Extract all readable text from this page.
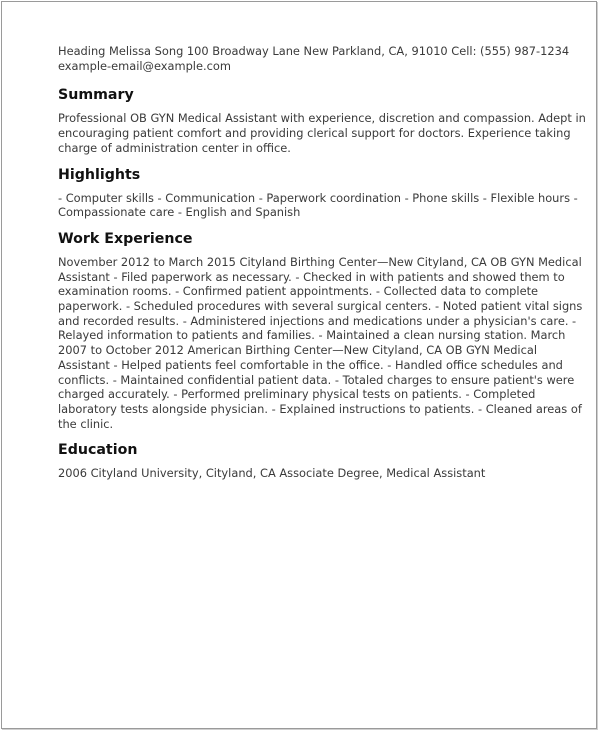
Heading Melissa Song 100 Broadway Lane New Parkland, CA, 91010 Cell: (555) 987-1234 example-email@example.com

Summary

Professional OB GYN Medical Assistant with experience, discretion and compassion. Adept in encouraging patient comfort and providing clerical support for doctors. Experience taking charge of administration center in office.

Highlights

- Computer skills - Communication - Paperwork coordination - Phone skills - Flexible hours - Compassionate care - English and Spanish

Work Experience

November 2012 to March 2015 Cityland Birthing Center—New Cityland, CA OB GYN Medical Assistant - Filed paperwork as necessary. - Checked in with patients and showed them to examination rooms. - Confirmed patient appointments. - Collected data to complete paperwork. - Scheduled procedures with several surgical centers. - Noted patient vital signs and recorded results. - Administered injections and medications under a physician's care. - Relayed information to patients and families. - Maintained a clean nursing station. March 2007 to October 2012 American Birthing Center—New Cityland, CA OB GYN Medical Assistant - Helped patients feel comfortable in the office. - Handled office schedules and conflicts. - Maintained confidential patient data. - Totaled charges to ensure patient's were charged accurately. - Performed preliminary physical tests on patients. - Completed laboratory tests alongside physician. - Explained instructions to patients. - Cleaned areas of the clinic.

Education

2006 Cityland University, Cityland, CA Associate Degree, Medical Assistant
